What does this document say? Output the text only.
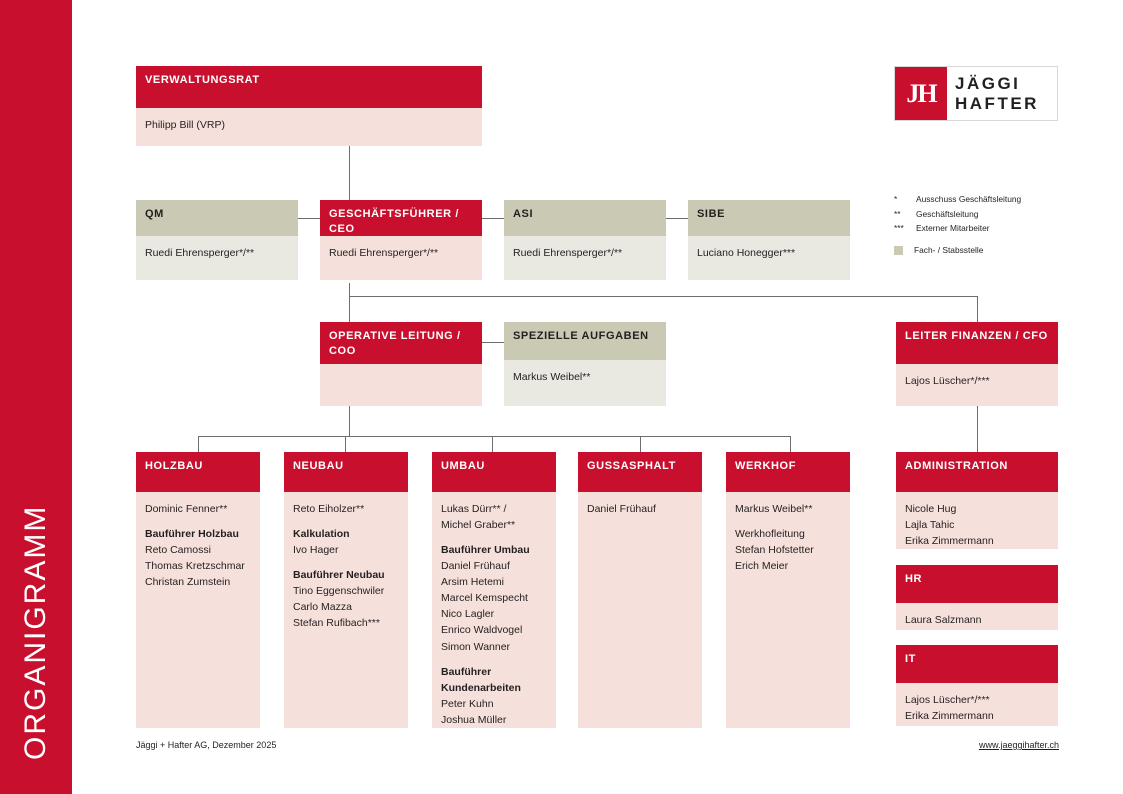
ORGANIGRAMM
JH JÄGGI
HAFTER
*	Ausschuss Geschäftsleitung
**	Geschäftsleitung
***	Externer Mitarbeiter
Fach- / Stabsstelle
VERWALTUNGSRAT
Philipp Bill (VRP)
QM
Ruedi Ehrensperger*/**
GESCHÄFTSFÜHRER / CEO
Ruedi Ehrensperger*/**
ASI
Ruedi Ehrensperger*/**
SIBE
Luciano Honegger***
OPERATIVE LEITUNG / COO
SPEZIELLE AUFGABEN
Markus Weibel**
LEITER FINANZEN / CFO
Lajos Lüscher*/***
HOLZBAU
Dominic Fenner**
Bauführer Holzbau
Reto Camossi
Thomas Kretzschmar
Christan Zumstein
NEUBAU
Reto Eiholzer**
Kalkulation
Ivo Hager
Bauführer Neubau
Tino Eggenschwiler
Carlo Mazza
Stefan Rufibach***
UMBAU
Lukas Dürr** /
Michel Graber**
Bauführer Umbau
Daniel Frühauf
Arsim Hetemi
Marcel Kemspecht
Nico Lagler
Enrico Waldvogel
Simon Wanner
Bauführer
Kundenarbeiten
Peter Kuhn
Joshua Müller
GUSSASPHALT
Daniel Frühauf
WERKHOF
Markus Weibel**
Werkhofleitung
Stefan Hofstetter
Erich Meier
ADMINISTRATION
Nicole Hug
Lajla Tahic
Erika Zimmermann
HR
Laura Salzmann
IT
Lajos Lüscher*/***
Erika Zimmermann
Jäggi + Hafter AG, Dezember 2025	www.jaeggihafter.ch
